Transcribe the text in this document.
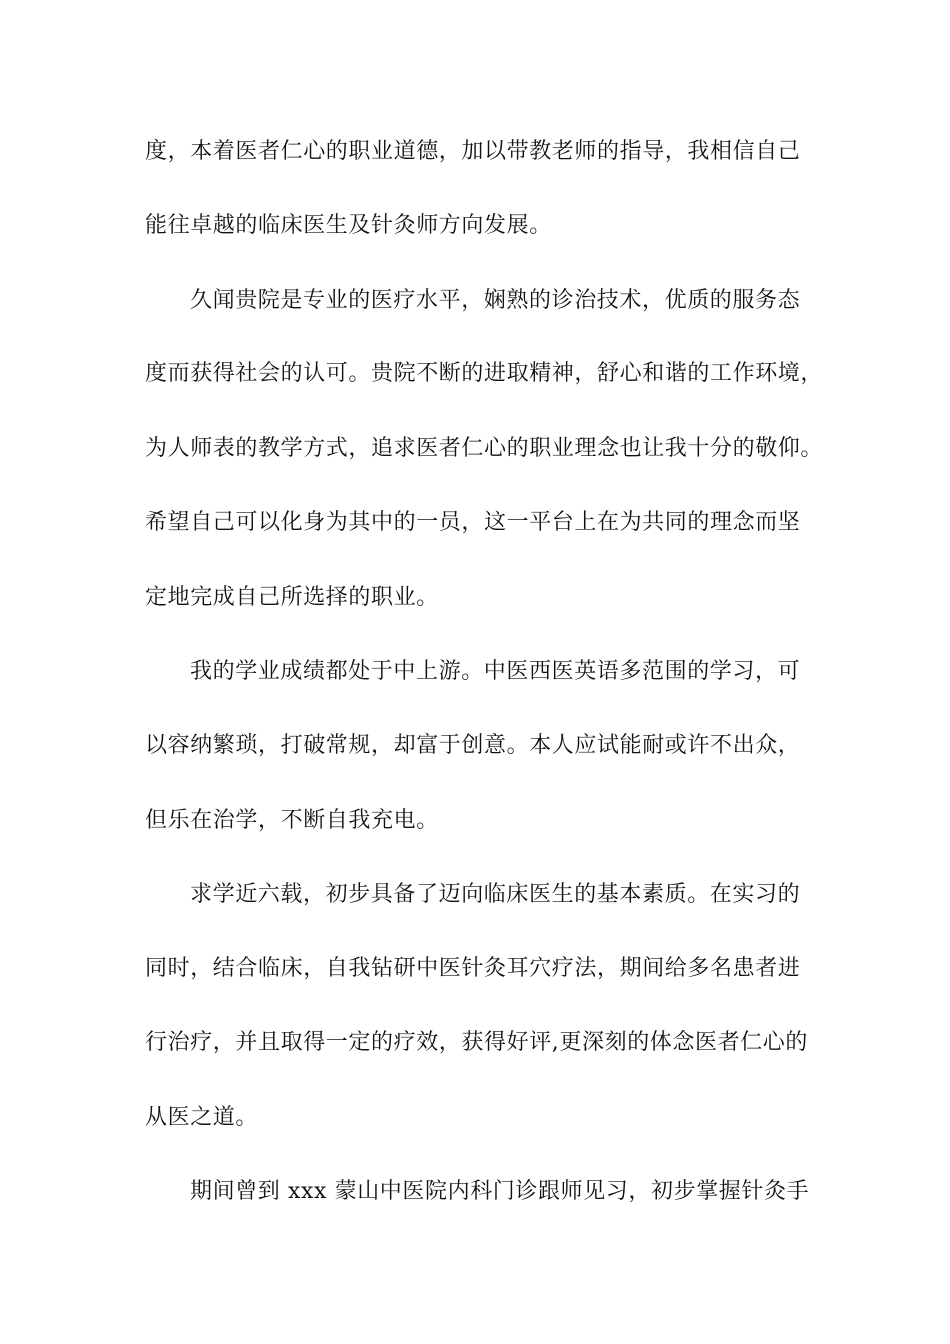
度，本着医者仁心的职业道德，加以带教老师的指导，我相信自己
能往卓越的临床医生及针灸师方向发展。
久闻贵院是专业的医疗水平，娴熟的诊治技术，优质的服务态
度而获得社会的认可。贵院不断的进取精神，舒心和谐的工作环境，
为人师表的教学方式，追求医者仁心的职业理念也让我十分的敬仰。
希望自己可以化身为其中的一员，这一平台上在为共同的理念而坚
定地完成自己所选择的职业。
我的学业成绩都处于中上游。中医西医英语多范围的学习，可
以容纳繁琐，打破常规，却富于创意。本人应试能耐或许不出众，
但乐在治学，不断自我充电。
求学近六载，初步具备了迈向临床医生的基本素质。在实习的
同时，结合临床，自我钻研中医针灸耳穴疗法，期间给多名患者进
行治疗，并且取得一定的疗效，获得好评,更深刻的体念医者仁心的
从医之道。
期间曾到 xxx 蒙山中医院内科门诊跟师见习，初步掌握针灸手
